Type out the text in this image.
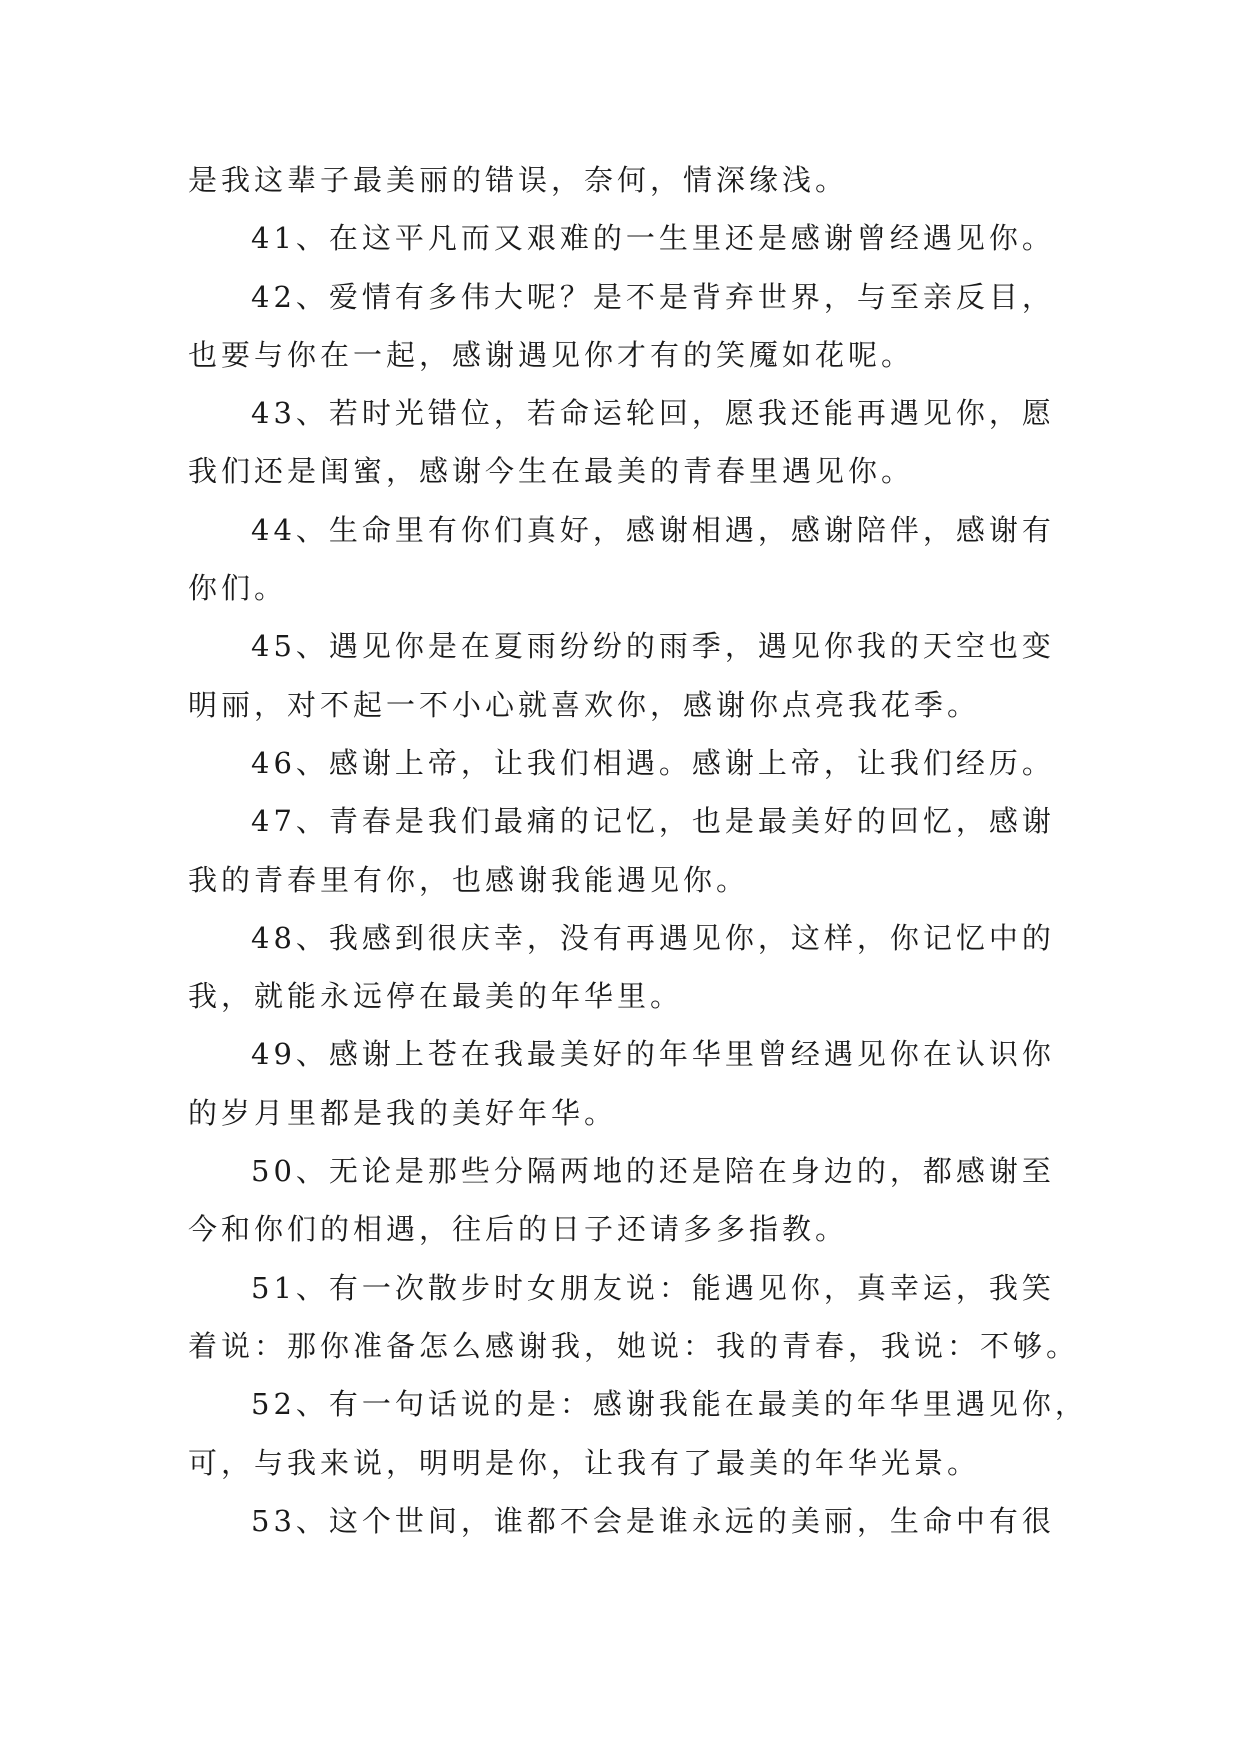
是我这辈子最美丽的错误，奈何，情深缘浅。
41、在这平凡而又艰难的一生里还是感谢曾经遇见你。
42、爱情有多伟大呢？是不是背弃世界，与至亲反目，
也要与你在一起，感谢遇见你才有的笑魇如花呢。
43、若时光错位，若命运轮回，愿我还能再遇见你，愿
我们还是闺蜜，感谢今生在最美的青春里遇见你。
44、生命里有你们真好，感谢相遇，感谢陪伴，感谢有
你们。
45、遇见你是在夏雨纷纷的雨季，遇见你我的天空也变
明丽，对不起一不小心就喜欢你，感谢你点亮我花季。
46、感谢上帝，让我们相遇。感谢上帝，让我们经历。
47、青春是我们最痛的记忆，也是最美好的回忆，感谢
我的青春里有你，也感谢我能遇见你。
48、我感到很庆幸，没有再遇见你，这样，你记忆中的
我，就能永远停在最美的年华里。
49、感谢上苍在我最美好的年华里曾经遇见你在认识你
的岁月里都是我的美好年华。
50、无论是那些分隔两地的还是陪在身边的，都感谢至
今和你们的相遇，往后的日子还请多多指教。
51、有一次散步时女朋友说：能遇见你，真幸运，我笑
着说：那你准备怎么感谢我，她说：我的青春，我说：不够。
52、有一句话说的是：感谢我能在最美的年华里遇见你，
可，与我来说，明明是你，让我有了最美的年华光景。
53、这个世间，谁都不会是谁永远的美丽，生命中有很
